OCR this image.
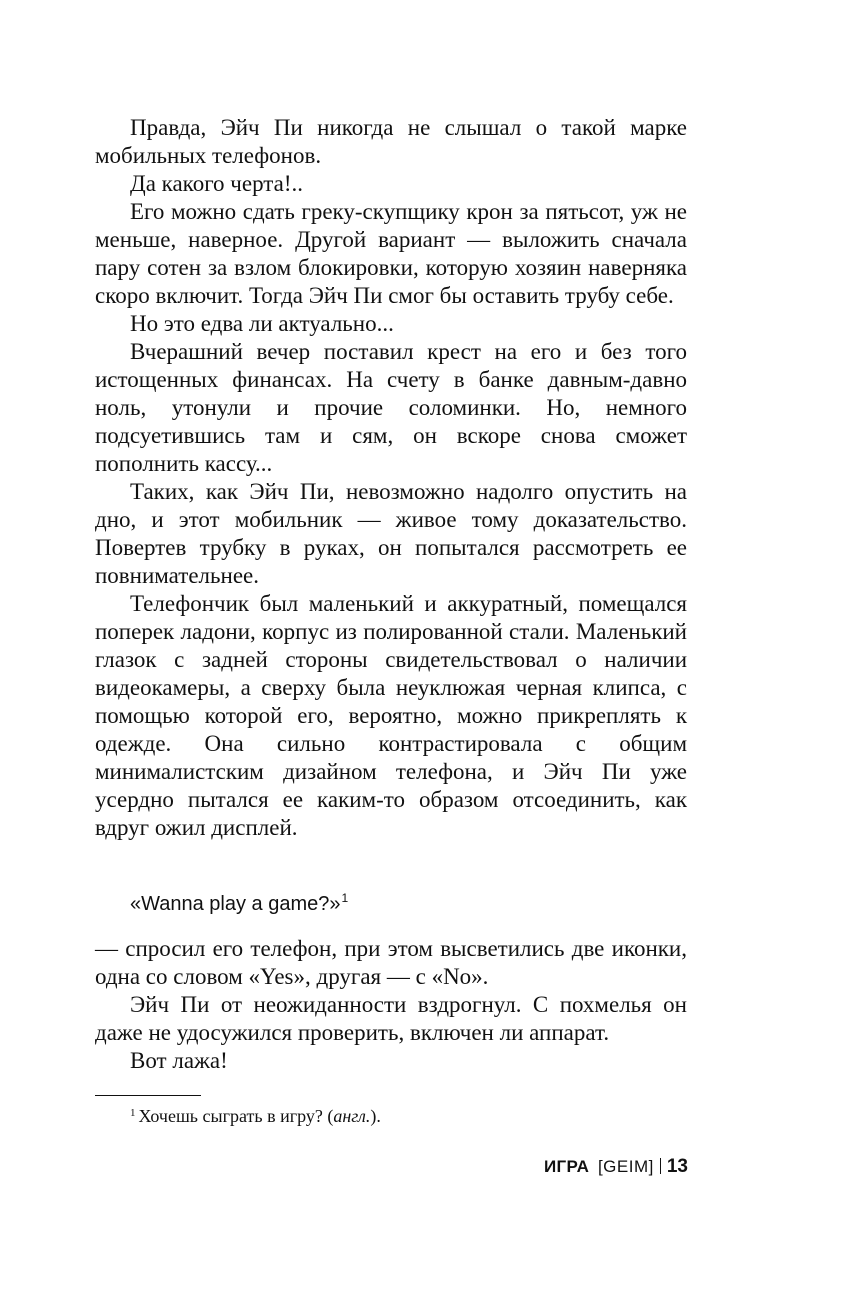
Правда, Эйч Пи никогда не слышал о такой марке мобильных телефонов.

Да какого черта!..

Его можно сдать греку-скупщику крон за пятьсот, уж не меньше, наверное. Другой вариант — выложить сначала пару сотен за взлом блокировки, которую хозяин наверняка скоро включит. Тогда Эйч Пи смог бы оставить трубу себе.

Но это едва ли актуально...

Вчерашний вечер поставил крест на его и без того истощенных финансах. На счету в банке давным-давно ноль, утонули и прочие соломинки. Но, немного подсуетившись там и сям, он вскоре снова сможет пополнить кассу...

Таких, как Эйч Пи, невозможно надолго опустить на дно, и этот мобильник — живое тому доказательство. Повертев трубку в руках, он попытался рассмотреть ее повнимательнее.

Телефончик был маленький и аккуратный, помещался поперек ладони, корпус из полированной стали. Маленький глазок с задней стороны свидетельствовал о наличии видеокамеры, а сверху была неуклюжая черная клипса, с помощью которой его, вероятно, можно прикреплять к одежде. Она сильно контрастировала с общим минималистским дизайном телефона, и Эйч Пи уже усердно пытался ее каким-то образом отсоединить, как вдруг ожил дисплей.

«Wanna play a game?»$^1$

— спросил его телефон, при этом высветились две иконки, одна со словом «Yes», другая — с «No».

Эйч Пи от неожиданности вздрогнул. С похмелья он даже не удосужился проверить, включен ли аппарат.

Вот лажа!

$^1$ Хочешь сыграть в игру? (англ.).
ИГРА [GEIM] 13
